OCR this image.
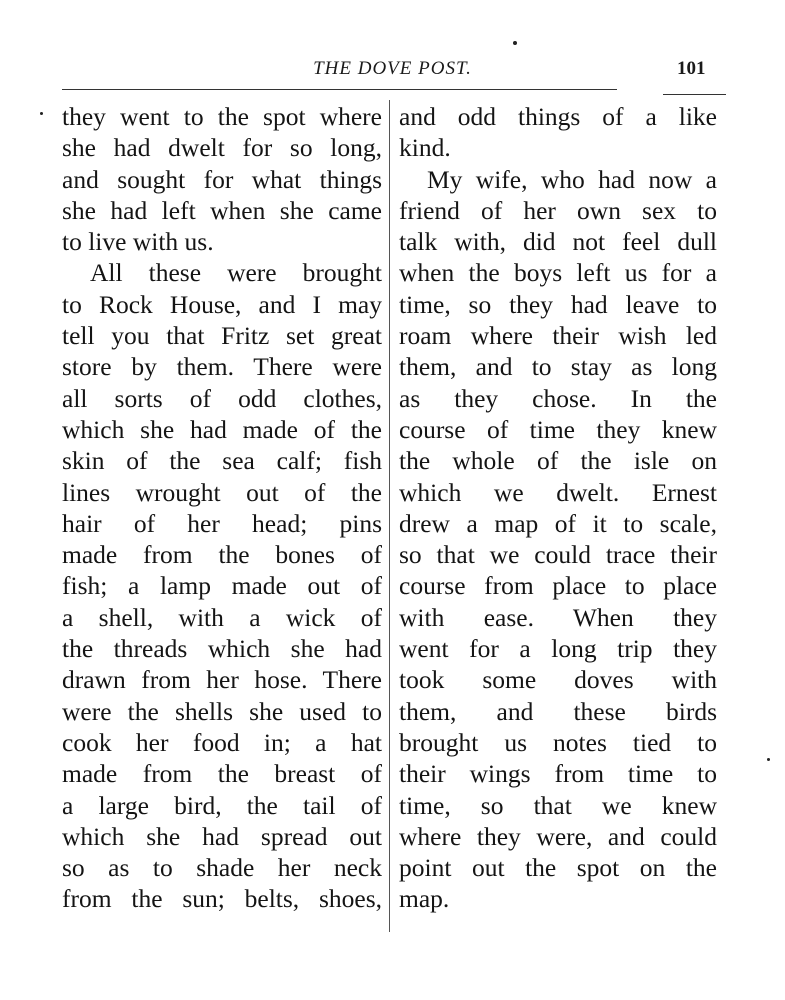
THE DOVE POST.	101
they went to the spot where
she had dwelt for so long,
and sought for what things
she had left when she came
to live with us.
All these were brought
to Rock House, and I may
tell you that Fritz set great
store by them. There were
all sorts of odd clothes,
which she had made of the
skin of the sea calf; fish
lines wrought out of the
hair of her head; pins
made from the bones of
fish; a lamp made out of
a shell, with a wick of
the threads which she had
drawn from her hose. There
were the shells she used to
cook her food in; a hat
made from the breast of
a large bird, the tail of
which she had spread out
so as to shade her neck
from the sun; belts, shoes,
and odd things of a like
kind.
My wife, who had now a
friend of her own sex to
talk with, did not feel dull
when the boys left us for a
time, so they had leave to
roam where their wish led
them, and to stay as long
as they chose. In the
course of time they knew
the whole of the isle on
which we dwelt. Ernest
drew a map of it to scale,
so that we could trace their
course from place to place
with ease. When they
went for a long trip they
took some doves with
them, and these birds
brought us notes tied to
their wings from time to
time, so that we knew
where they were, and could
point out the spot on the
map.
